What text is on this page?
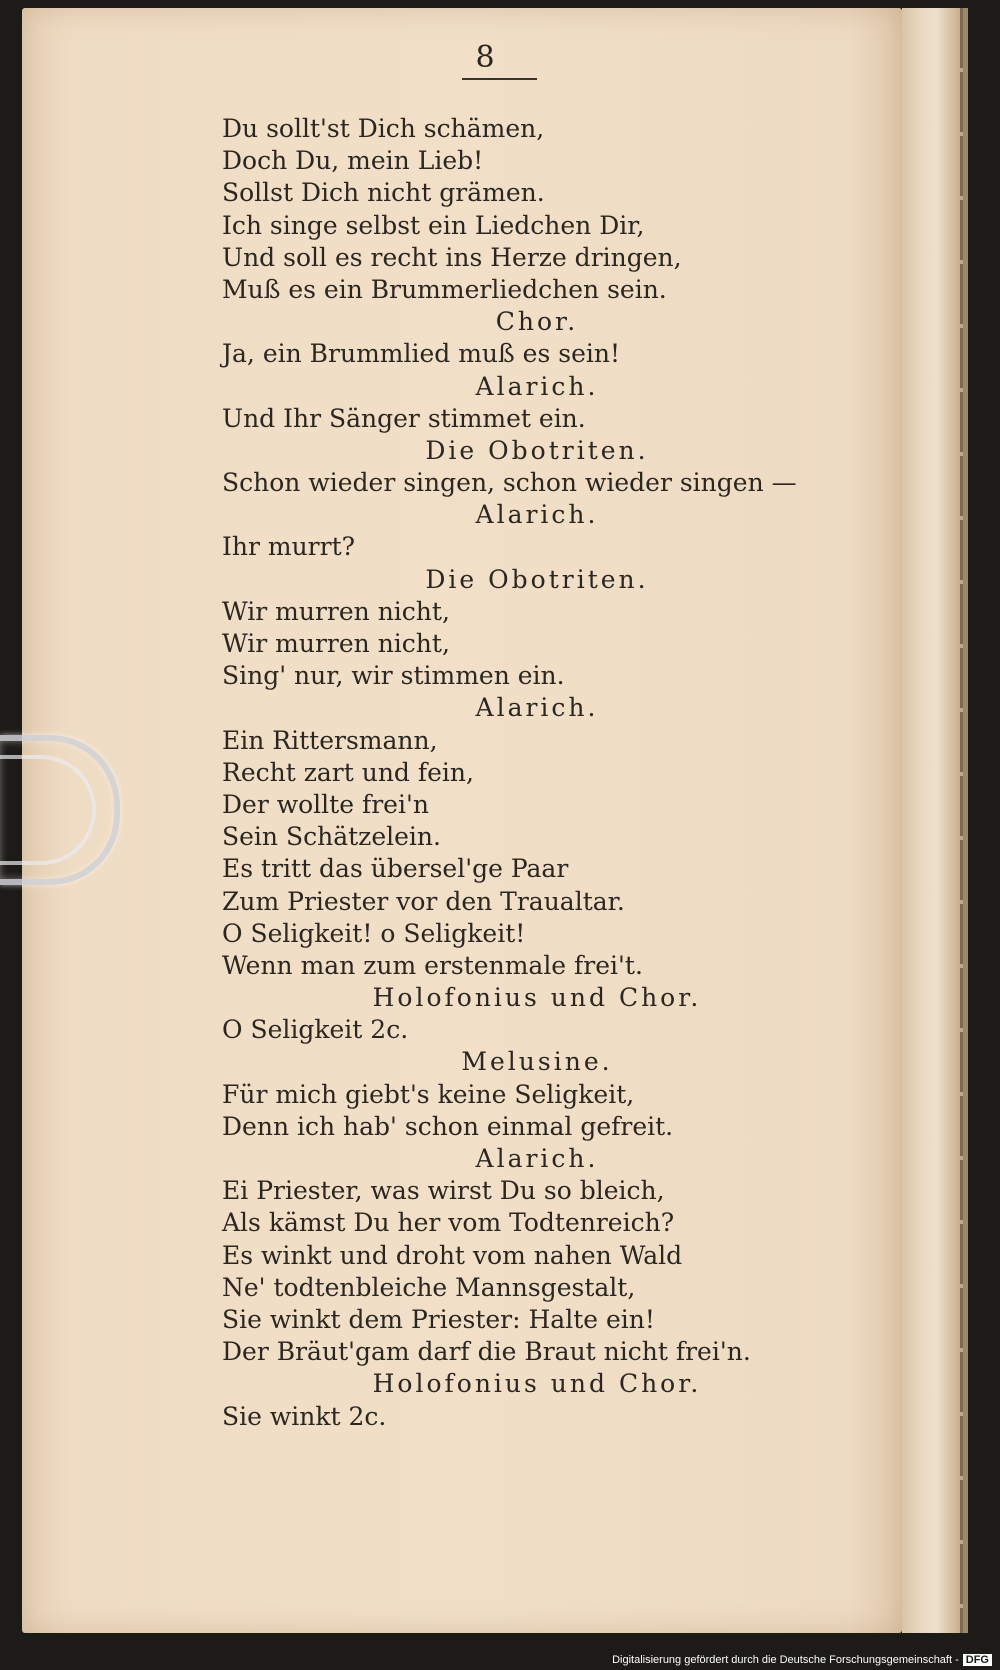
8
Du sollt'st Dich schämen,
Doch Du, mein Lieb!
Sollst Dich nicht grämen.
Ich singe selbst ein Liedchen Dir,
Und soll es recht ins Herze dringen,
Muß es ein Brummerliedchen sein.
Chor.
Ja, ein Brummlied muß es sein!
Alarich.
Und Ihr Sänger stimmet ein.
Die Obotriten.
Schon wieder singen, schon wieder singen —
Alarich.
Ihr murrt?
Die Obotriten.
Wir murren nicht,
Wir murren nicht,
Sing' nur, wir stimmen ein.
Alarich.
Ein Rittersmann,
Recht zart und fein,
Der wollte frei'n
Sein Schätzelein.
Es tritt das übersel'ge Paar
Zum Priester vor den Traualtar.
O Seligkeit! o Seligkeit!
Wenn man zum erstenmale frei't.
Holofonius und Chor.
O Seligkeit 2c.
Melusine.
Für mich giebt's keine Seligkeit,
Denn ich hab' schon einmal gefreit.
Alarich.
Ei Priester, was wirst Du so bleich,
Als kämst Du her vom Todtenreich?
Es winkt und droht vom nahen Wald
Ne' todtenbleiche Mannsgestalt,
Sie winkt dem Priester: Halte ein!
Der Bräut'gam darf die Braut nicht frei'n.
Holofonius und Chor.
Sie winkt 2c.
Digitalisierung gefördert durch die Deutsche Forschungsgemeinschaft - DFG
